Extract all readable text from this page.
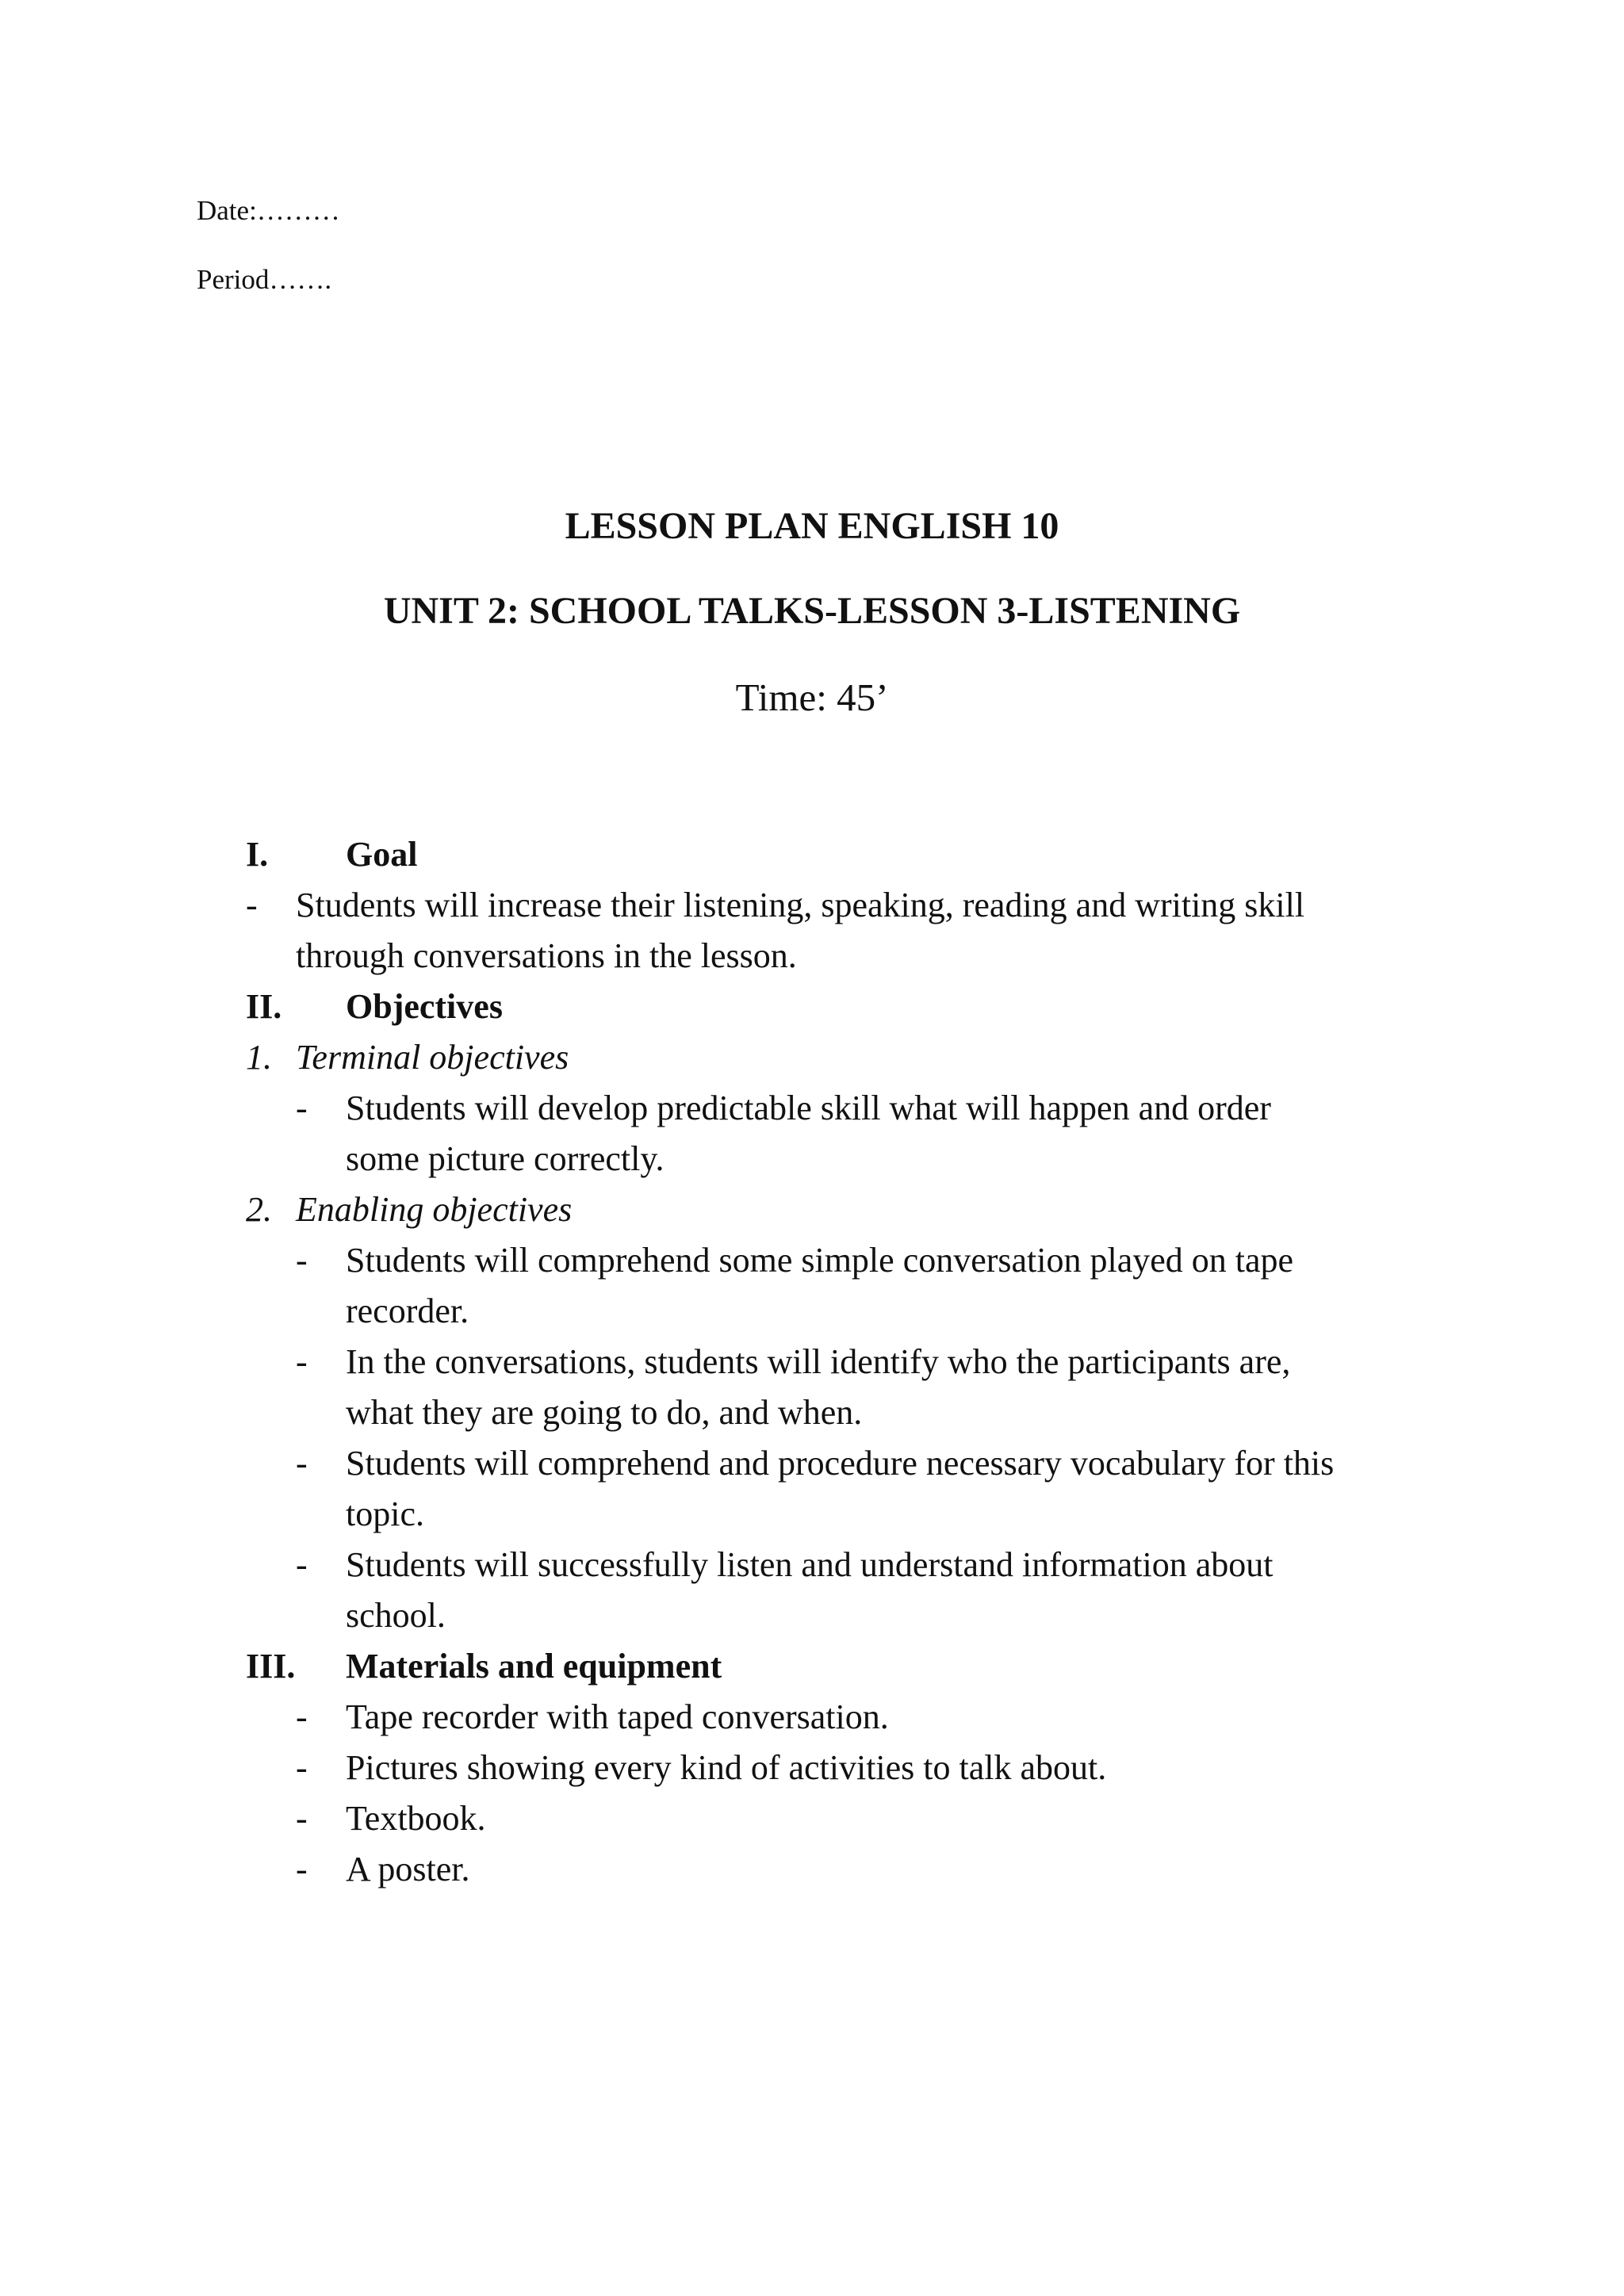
Date:………
Period…….
LESSON PLAN ENGLISH 10
UNIT 2: SCHOOL TALKS-LESSON 3-LISTENING
Time: 45’
I. Goal
- Students will increase their listening, speaking, reading and writing skill
through conversations in the lesson.
II. Objectives
1. Terminal objectives
- Students will develop predictable skill what will happen and order
some picture correctly.
2. Enabling objectives
- Students will comprehend some simple conversation played on tape
recorder.
- In the conversations, students will identify who the participants are,
what they are going to do, and when.
- Students will comprehend and procedure necessary vocabulary for this
topic.
- Students will successfully listen and understand information about
school.
III. Materials and equipment
- Tape recorder with taped conversation.
- Pictures showing every kind of activities to talk about.
- Textbook.
- A poster.
